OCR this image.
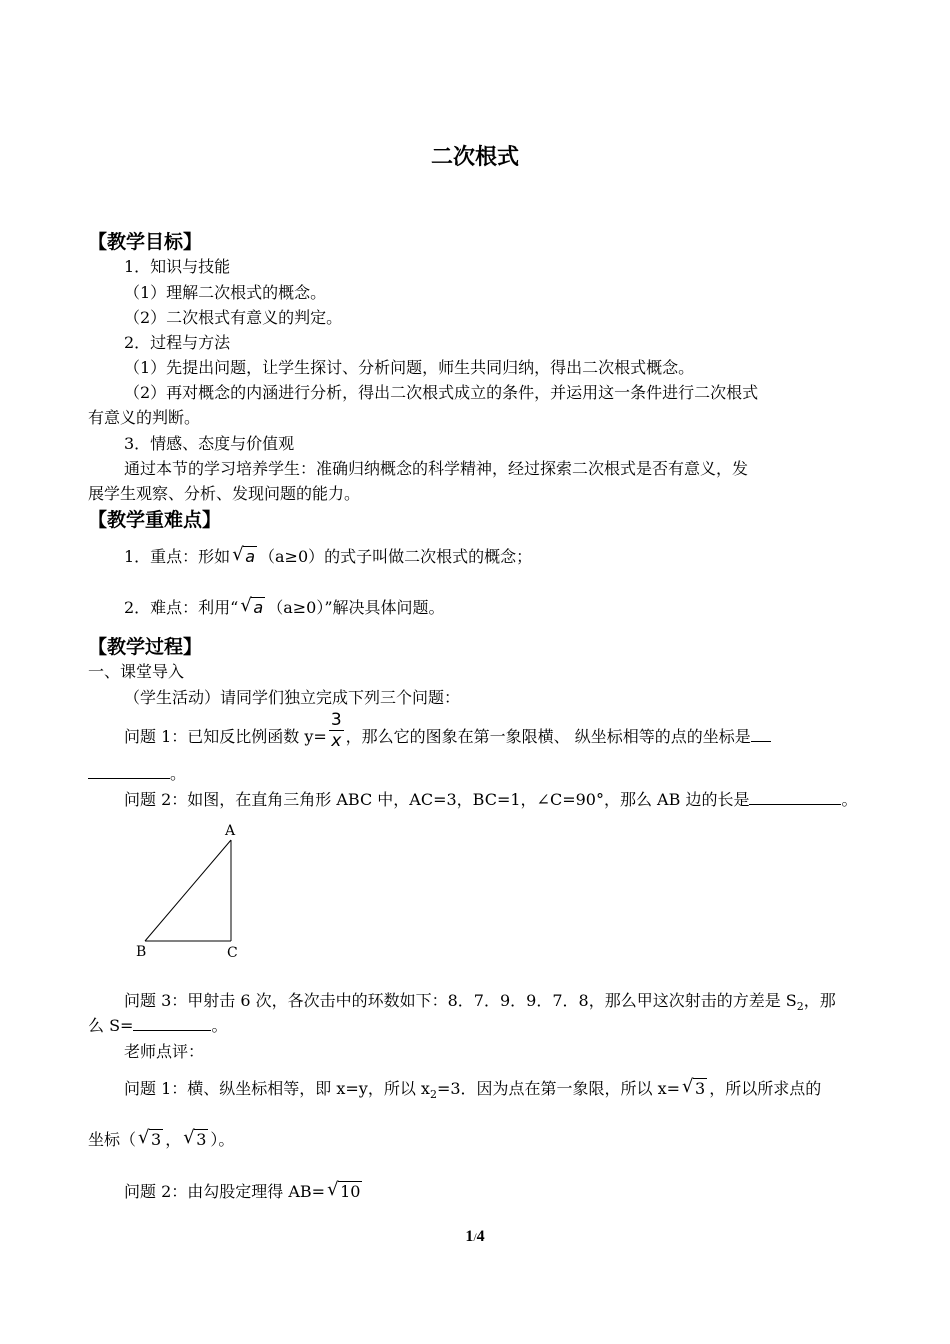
二次根式
【教学目标】
1．知识与技能
（1）理解二次根式的概念。
（2）二次根式有意义的判定。
2．过程与方法
（1）先提出问题，让学生探讨、分析问题，师生共同归纳，得出二次根式概念。
（2）再对概念的内涵进行分析，得出二次根式成立的条件，并运用这一条件进行二次根式
有意义的判断。
3．情感、态度与价值观
通过本节的学习培养学生：准确归纳概念的科学精神，经过探索二次根式是否有意义，发
展学生观察、分析、发现问题的能力。
【教学重难点】
1．重点：形如 √ a （a≥0）的式子叫做二次根式的概念；
2．难点：利用“ √ a （a≥0）”解决具体问题。
【教学过程】
一、课堂导入
（学生活动）请同学们独立完成下列三个问题：
问题 1：已知反比例函数 $y= \frac{3}{x}$ ，那么它的图象在第一象限横、 纵坐标相等的点的坐标是
。
问题 2：如图，在直角三角形 ABC 中，AC=3，BC=1，∠C=90°，那么 AB 边的长是	。
A
B	C
问题 3：甲射击 6 次，各次击中的环数如下：8．7．9．9．7．8，那么甲这次射击的方差是 $S_2$，那
么 S=	。
老师点评：
问题 1：横、纵坐标相等，即 x=y，所以 $x_2=3$．因为点在第一象限，所以 x= √ 3 ，所以所求点的
坐标（ √ 3 ， √ 3 ）。
问题 2：由勾股定理得 AB= √ 10
1/4
